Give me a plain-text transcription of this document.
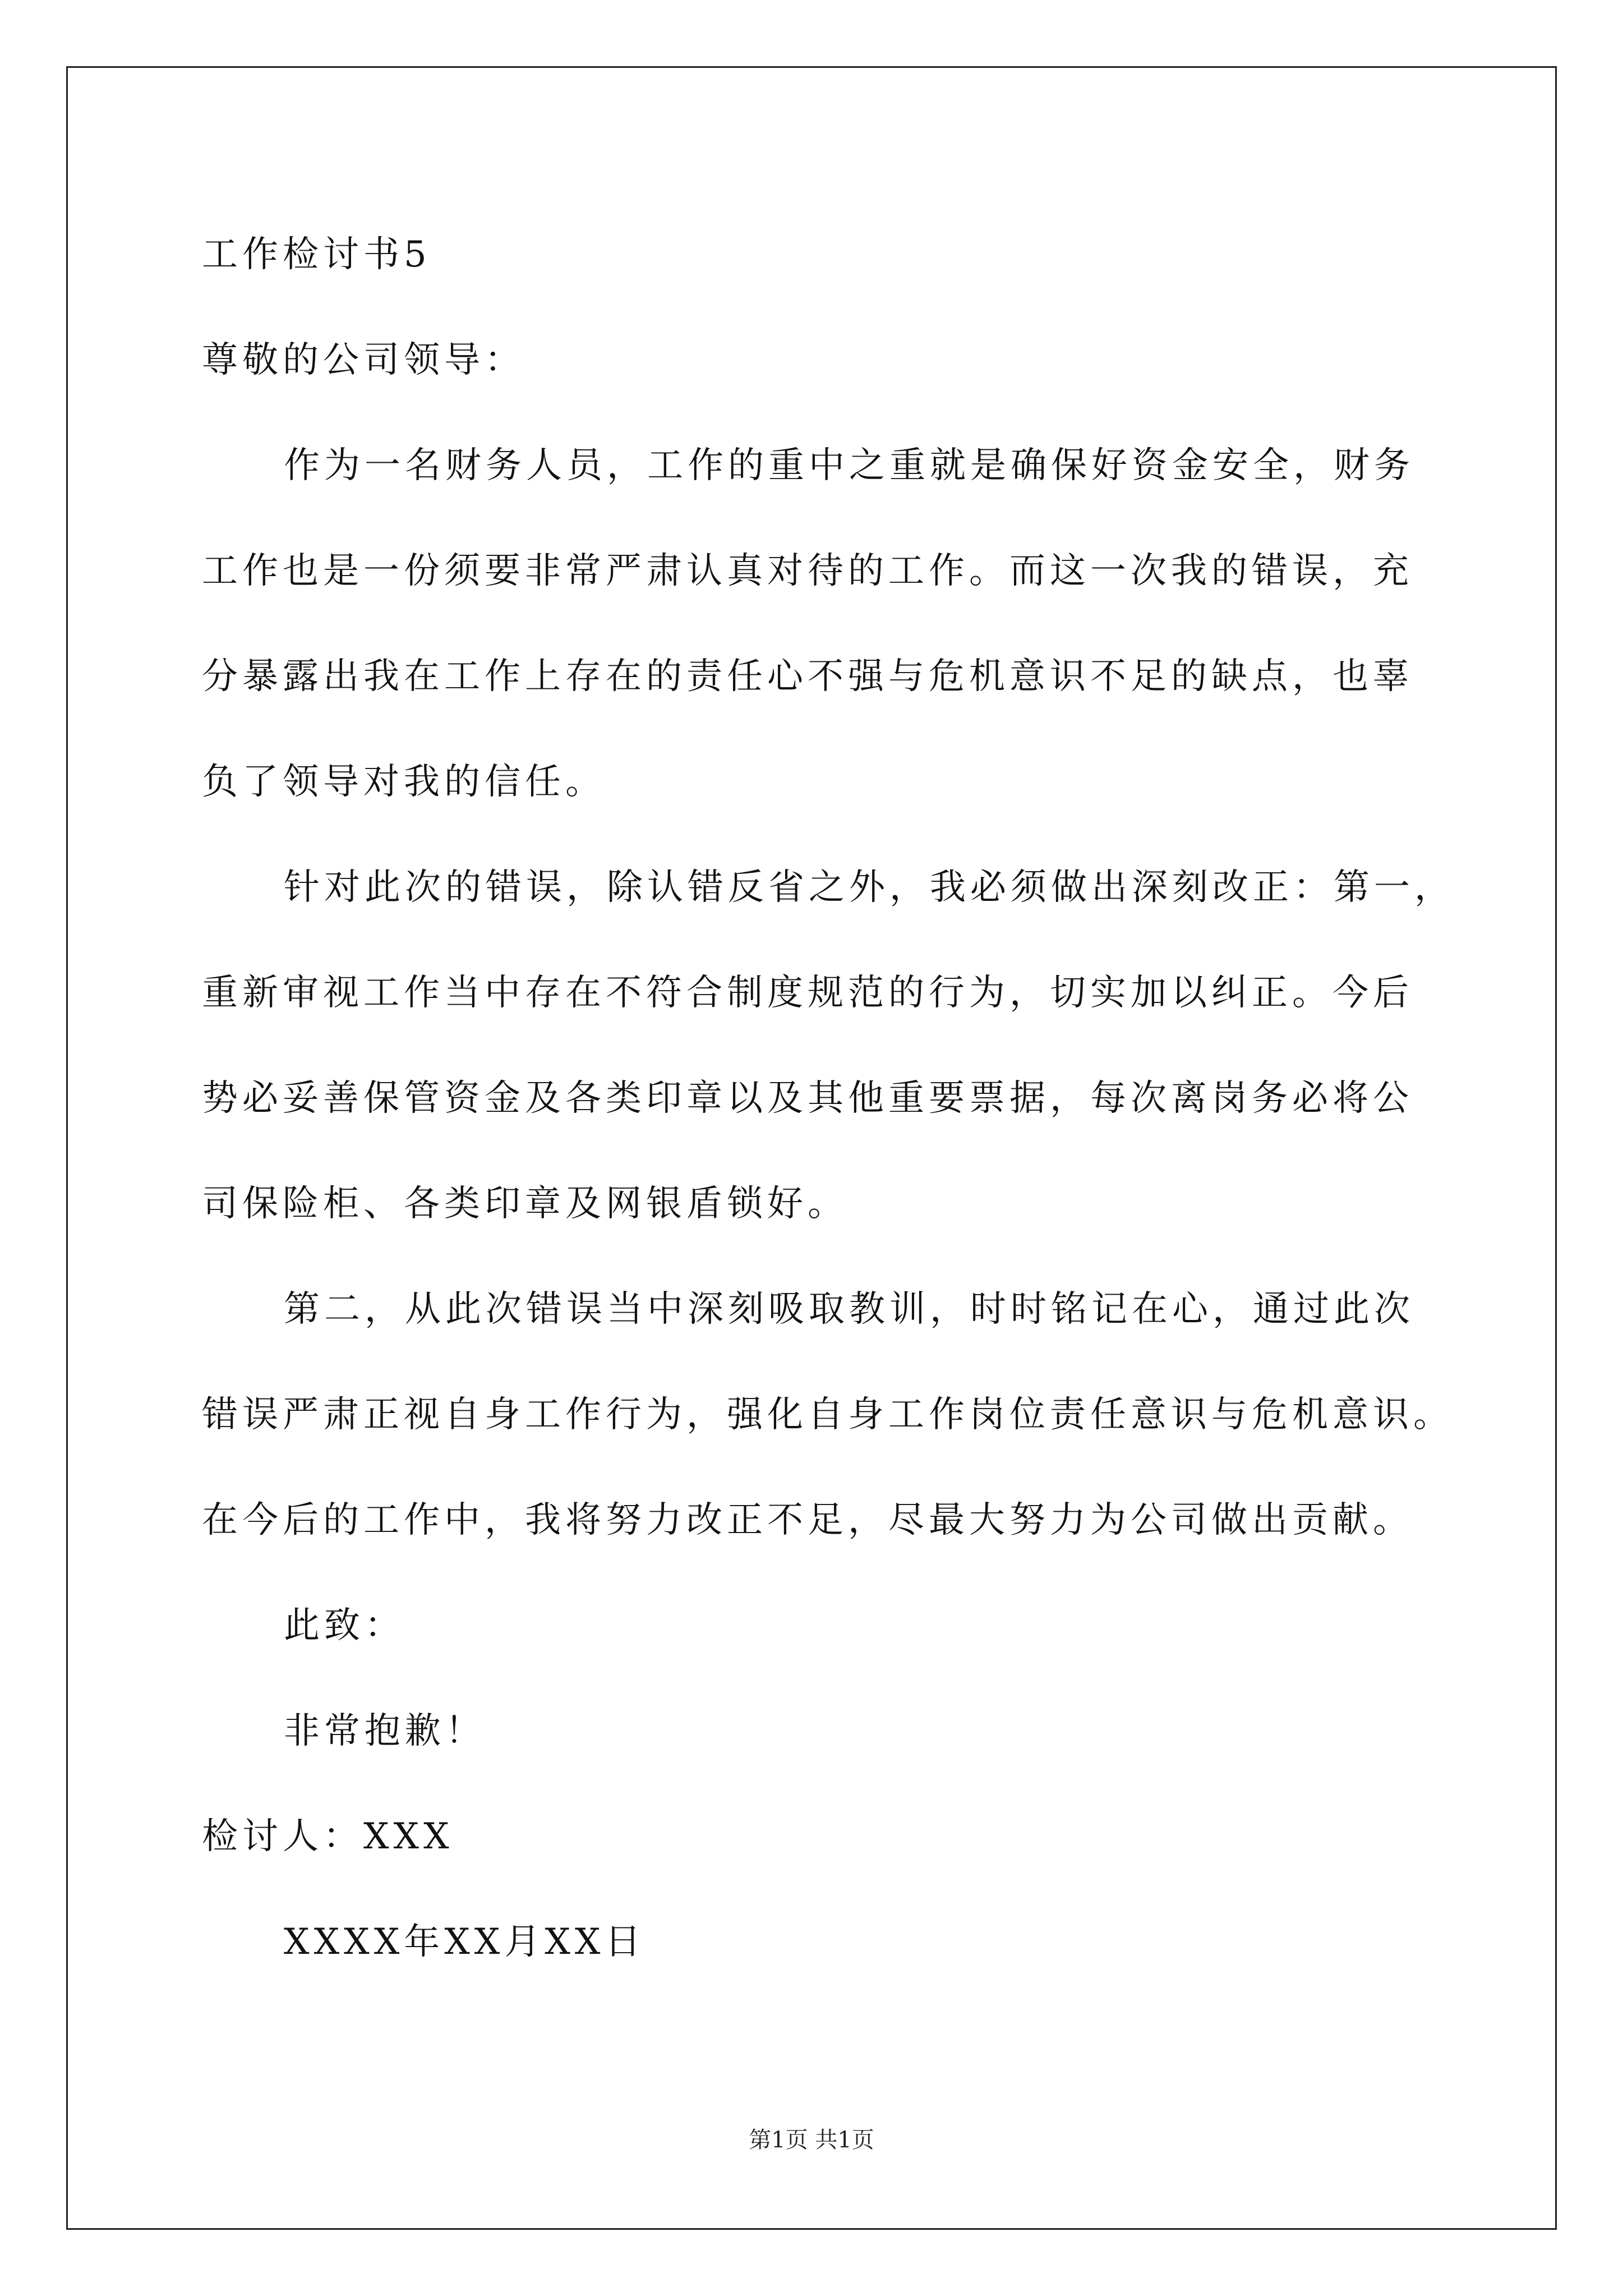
工作检讨书5
尊敬的公司领导：
作为一名财务人员，工作的重中之重就是确保好资金安全，财务
工作也是一份须要非常严肃认真对待的工作。而这一次我的错误，充
分暴露出我在工作上存在的责任心不强与危机意识不足的缺点，也辜
负了领导对我的信任。
针对此次的错误，除认错反省之外，我必须做出深刻改正：第一，
重新审视工作当中存在不符合制度规范的行为，切实加以纠正。今后
势必妥善保管资金及各类印章以及其他重要票据，每次离岗务必将公
司保险柜、各类印章及网银盾锁好。
第二，从此次错误当中深刻吸取教训，时时铭记在心，通过此次
错误严肃正视自身工作行为，强化自身工作岗位责任意识与危机意识。
在今后的工作中，我将努力改正不足，尽最大努力为公司做出贡献。
此致：
非常抱歉！
检讨人：XXX
XXXX年XX月XX日
第1页 共1页
